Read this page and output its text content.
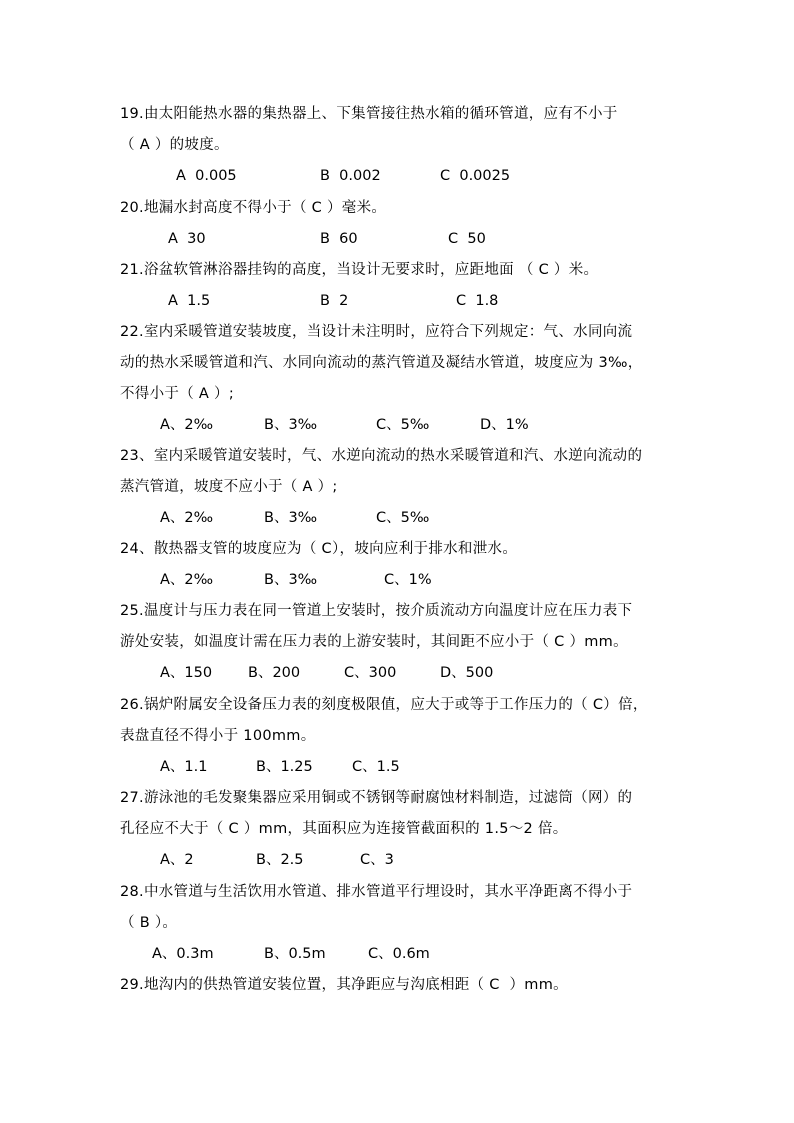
19.由太阳能热水器的集热器上、下集管接往热水箱的循环管道，应有不小于
（ A ）的坡度。
A  0.005	B  0.002	C  0.0025
20.地漏水封高度不得小于（ C ）毫米。
A  30	B  60	C  50
21.浴盆软管淋浴器挂钩的高度，当设计无要求时，应距地面 （ C ）米。
A  1.5	B  2	C  1.8
22.室内采暖管道安装坡度，当设计未注明时，应符合下列规定：气、水同向流
动的热水采暖管道和汽、水同向流动的蒸汽管道及凝结水管道，坡度应为 3‰，
不得小于（ A ）;
A、2‰	B、3‰	C、5‰	D、1%
23、室内采暖管道安装时，气、水逆向流动的热水采暖管道和汽、水逆向流动的
蒸汽管道，坡度不应小于（ A ）;
A、2‰	B、3‰	C、5‰
24、散热器支管的坡度应为（ C），坡向应利于排水和泄水。
A、2‰	B、3‰	C、1%
25.温度计与压力表在同一管道上安装时，按介质流动方向温度计应在压力表下
游处安装，如温度计需在压力表的上游安装时，其间距不应小于（ C ）mm。
A、150 B、200	C、300	D、500
26.锅炉附属安全设备压力表的刻度极限值，应大于或等于工作压力的（ C）倍，
表盘直径不得小于 100mm。
A、1.1	B、1.25	C、1.5
27.游泳池的毛发聚集器应采用铜或不锈钢等耐腐蚀材料制造，过滤筒（网）的
孔径应不大于（ C ）mm，其面积应为连接管截面积的 1.5～2 倍。
A、2	B、2.5	C、3
28.中水管道与生活饮用水管道、排水管道平行埋设时，其水平净距离不得小于
（ B ）。
A、0.3m	B、0.5m	C、0.6m
29.地沟内的供热管道安装位置，其净距应与沟底相距（ C  ）mm。
